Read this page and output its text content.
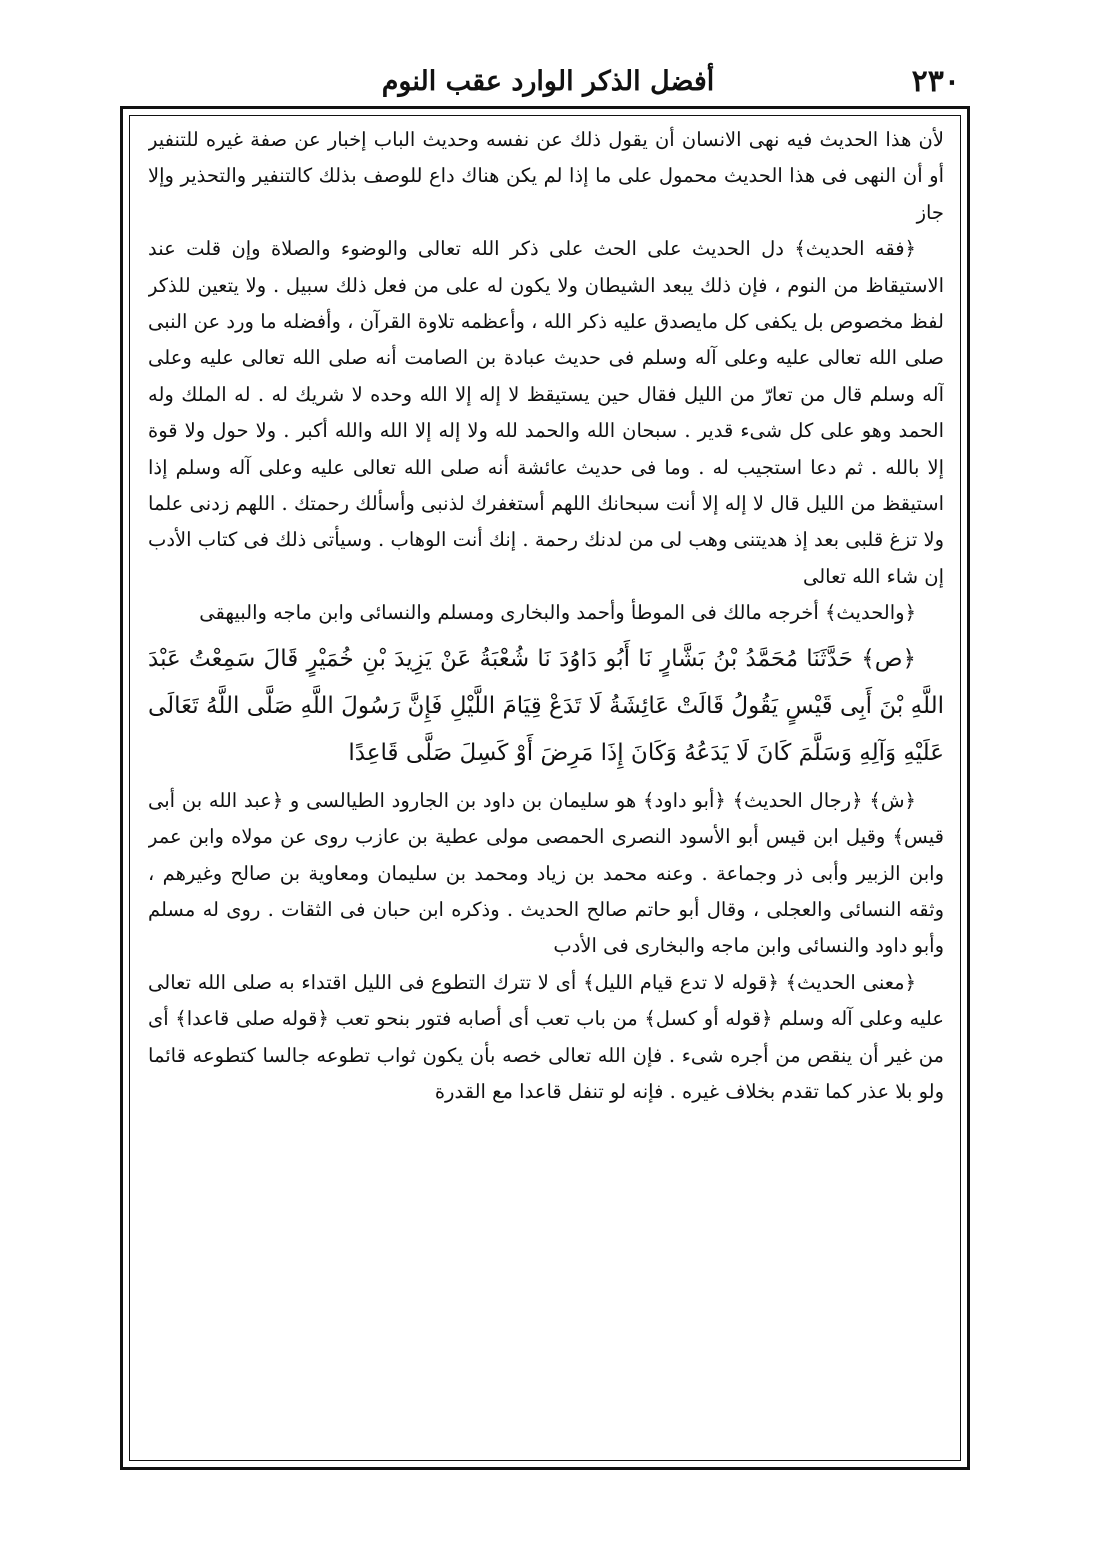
٢٣٠
أفضل الذكر الوارد عقب النوم

لأن هذا الحديث فيه نهى الانسان أن يقول ذلك عن نفسه وحديث الباب إخبار عن صفة غيره للتنفير أو أن النهى فى هذا الحديث محمول على ما إذا لم يكن هناك داع للوصف بذلك كالتنفير والتحذير وإلا جاز

﴿فقه الحديث﴾ دل الحديث على الحث على ذكر الله تعالى والوضوء والصلاة وإن قلت عند الاستيقاظ من النوم ، فإن ذلك يبعد الشيطان ولا يكون له على من فعل ذلك سبيل . ولا يتعين للذكر لفظ مخصوص بل يكفى كل مايصدق عليه ذكر الله ، وأعظمه تلاوة القرآن ، وأفضله ما ورد عن النبى صلى الله تعالى عليه وعلى آله وسلم فى حديث عبادة بن الصامت أنه صلى الله تعالى عليه وعلى آله وسلم قال من تعارّ من الليل فقال حين يستيقظ لا إله إلا الله وحده لا شريك له . له الملك وله الحمد وهو على كل شىء قدير . سبحان الله والحمد لله ولا إله إلا الله والله أكبر . ولا حول ولا قوة إلا بالله . ثم دعا استجيب له . وما فى حديث عائشة أنه صلى الله تعالى عليه وعلى آله وسلم إذا استيقظ من الليل قال لا إله إلا أنت سبحانك اللهم أستغفرك لذنبى وأسألك رحمتك . اللهم زدنى علما ولا تزغ قلبى بعد إذ هديتنى وهب لى من لدنك رحمة . إنك أنت الوهاب . وسيأتى ذلك فى كتاب الأدب إن شاء الله تعالى

﴿والحديث﴾ أخرجه مالك فى الموطأ وأحمد والبخارى ومسلم والنسائى وابن ماجه والبيهقى

﴿ص﴾ حَدَّثَنَا مُحَمَّدُ بْنُ بَشَّارٍ نَا أَبُو دَاوُدَ نَا شُعْبَةُ عَنْ يَزِيدَ بْنِ خُمَيْرٍ قَالَ سَمِعْتُ عَبْدَ اللَّهِ بْنَ أَبِى قَيْسٍ يَقُولُ قَالَتْ عَائِشَةُ لَا تَدَعْ قِيَامَ اللَّيْلِ فَإِنَّ رَسُولَ اللَّهِ صَلَّى اللَّهُ تَعَالَى عَلَيْهِ وَآلِهِ وَسَلَّمَ كَانَ لَا يَدَعُهُ وَكَانَ إِذَا مَرِضَ أَوْ كَسِلَ صَلَّى قَاعِدًا

﴿ش﴾ ﴿رجال الحديث﴾ ﴿أبو داود﴾ هو سليمان بن داود بن الجارود الطيالسى و ﴿عبد الله بن أبى قيس﴾ وقيل ابن قيس أبو الأسود النصرى الحمصى مولى عطية بن عازب روى عن مولاه وابن عمر وابن الزبير وأبى ذر وجماعة . وعنه محمد بن زياد ومحمد بن سليمان ومعاوية بن صالح وغيرهم ، وثقه النسائى والعجلى ، وقال أبو حاتم صالح الحديث . وذكره ابن حبان فى الثقات . روى له مسلم وأبو داود والنسائى وابن ماجه والبخارى فى الأدب

﴿معنى الحديث﴾ ﴿قوله لا تدع قيام الليل﴾ أى لا تترك التطوع فى الليل اقتداء به صلى الله تعالى عليه وعلى آله وسلم ﴿قوله أو كسل﴾ من باب تعب أى أصابه فتور بنحو تعب ﴿قوله صلى قاعدا﴾ أى من غير أن ينقص من أجره شىء . فإن الله تعالى خصه بأن يكون ثواب تطوعه جالسا كتطوعه قائما ولو بلا عذر كما تقدم بخلاف غيره . فإنه لو تنفل قاعدا مع القدرة
